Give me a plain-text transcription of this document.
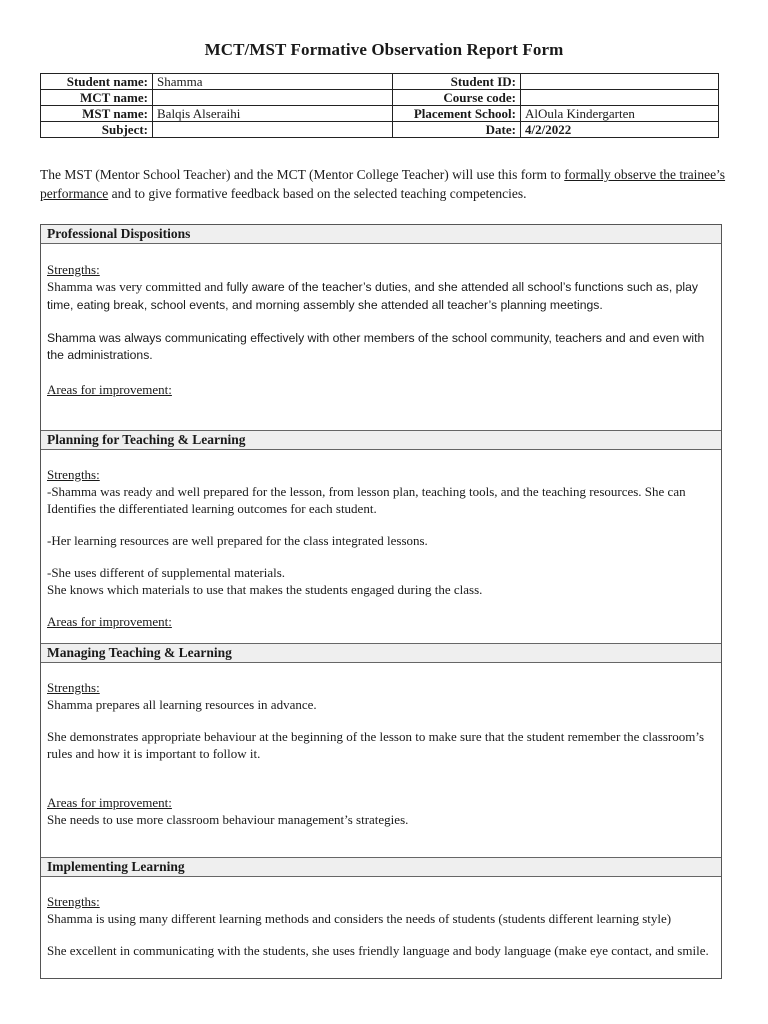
MCT/MST Formative Observation Report Form
Student name:	Shamma	Student ID:	
MCT name:		Course code:	
MST name:	Balqis Alseraihi	Placement School:	AlOula Kindergarten
Subject:		Date:	4/2/2022
The MST (Mentor School Teacher) and the MCT (Mentor College Teacher) will use this form to formally observe the trainee’s performance and to give formative feedback based on the selected teaching competencies.
Professional Dispositions

Strengths:

Shamma was very committed and fully aware of the teacher’s duties, and she attended all school’s functions such as, play time, eating break, school events, and morning assembly she attended all teacher’s planning meetings.

Shamma was always communicating effectively with other members of the school community, teachers and and even with the administrations.

Areas for improvement:

Planning for Teaching & Learning

Strengths:

-Shamma was ready and well prepared for the lesson, from lesson plan, teaching tools, and the teaching resources. She can Identifies the differentiated learning outcomes for each student.

-Her learning resources are well prepared for the class integrated lessons.

-She uses different of supplemental materials.

She knows which materials to use that makes the students engaged during the class.

Areas for improvement:

Managing Teaching & Learning

Strengths:

Shamma prepares all learning resources in advance.

She demonstrates appropriate behaviour at the beginning of the lesson to make sure that the student remember the classroom’s rules and how it is important to follow it.

Areas for improvement:

She needs to use more classroom behaviour management’s strategies.

Implementing Learning

Strengths:

Shamma is using many different learning methods and considers the needs of students (students different learning style)

She excellent in communicating with the students, she uses friendly language and body language (make eye contact, and smile.
